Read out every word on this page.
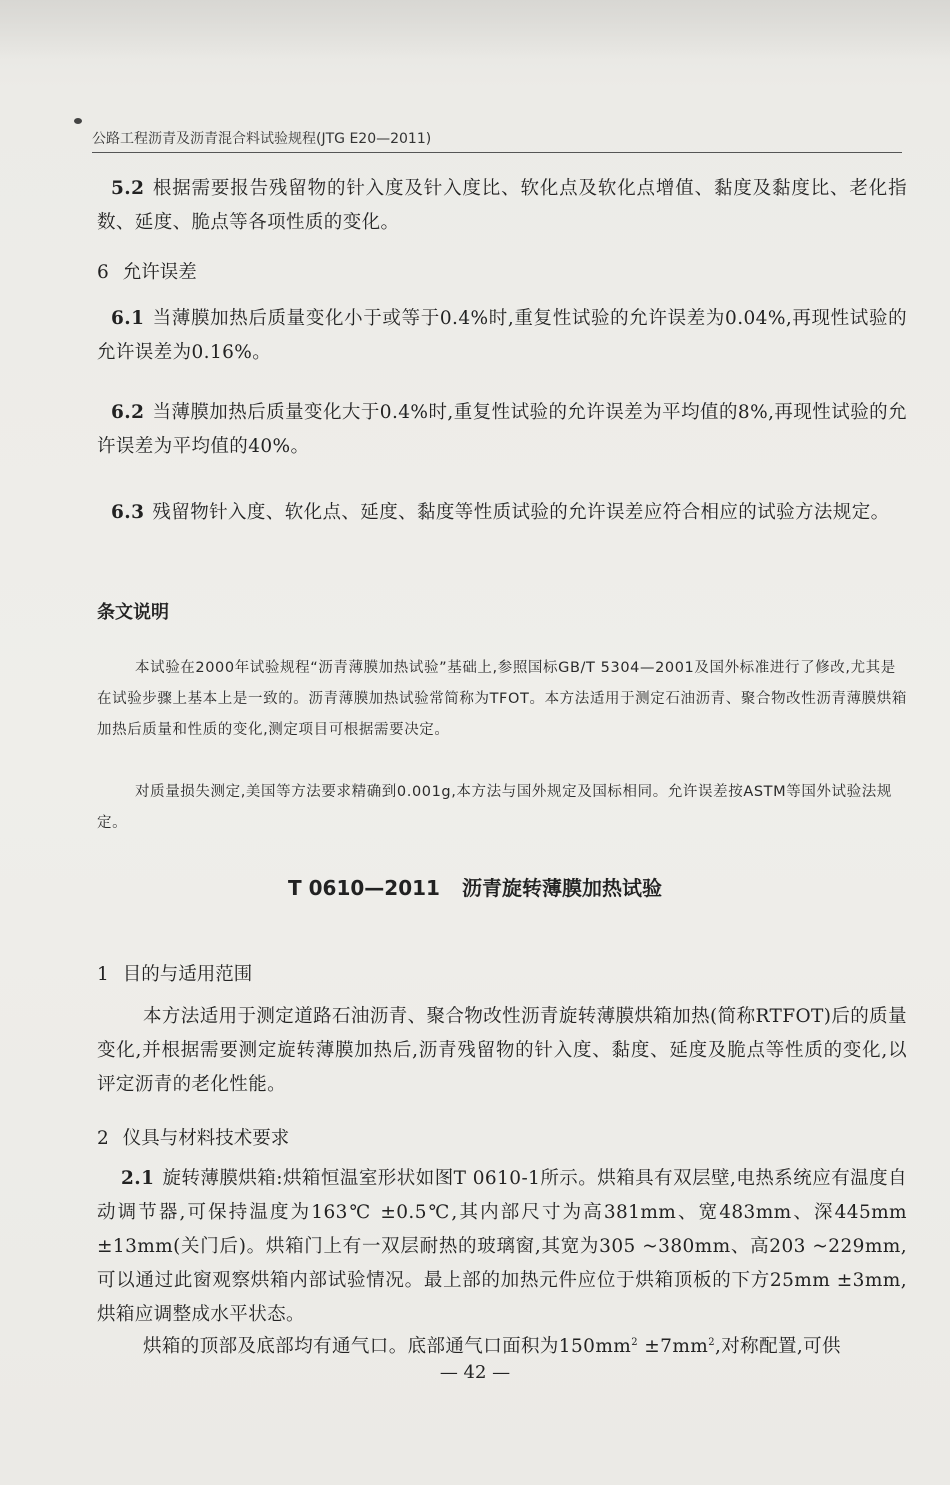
公路工程沥青及沥青混合料试验规程(JTG E20—2011)
5.2 根据需要报告残留物的针入度及针入度比、软化点及软化点增值、黏度及黏度比、老化指数、延度、脆点等各项性质的变化。
6 允许误差
6.1 当薄膜加热后质量变化小于或等于0.4%时,重复性试验的允许误差为0.04%,再现性试验的允许误差为0.16%。
6.2 当薄膜加热后质量变化大于0.4%时,重复性试验的允许误差为平均值的8%,再现性试验的允许误差为平均值的40%。
6.3 残留物针入度、软化点、延度、黏度等性质试验的允许误差应符合相应的试验方法规定。
条文说明
本试验在2000年试验规程“沥青薄膜加热试验”基础上,参照国标GB/T 5304—2001及国外标准进行了修改,尤其是在试验步骤上基本上是一致的。沥青薄膜加热试验常简称为TFOT。本方法适用于测定石油沥青、聚合物改性沥青薄膜烘箱加热后质量和性质的变化,测定项目可根据需要决定。
对质量损失测定,美国等方法要求精确到0.001g,本方法与国外规定及国标相同。允许误差按ASTM等国外试验法规定。
T 0610—2011 沥青旋转薄膜加热试验
1 目的与适用范围
本方法适用于测定道路石油沥青、聚合物改性沥青旋转薄膜烘箱加热(简称RTFOT)后的质量变化,并根据需要测定旋转薄膜加热后,沥青残留物的针入度、黏度、延度及脆点等性质的变化,以评定沥青的老化性能。
2 仪具与材料技术要求
2.1 旋转薄膜烘箱:烘箱恒温室形状如图T 0610-1所示。烘箱具有双层壁,电热系统应有温度自动调节器,可保持温度为163℃ ±0.5℃,其内部尺寸为高381mm、宽483mm、深445mm ±13mm(关门后)。烘箱门上有一双层耐热的玻璃窗,其宽为305 ~380mm、高203 ~229mm,可以通过此窗观察烘箱内部试验情况。最上部的加热元件应位于烘箱顶板的下方25mm ±3mm,烘箱应调整成水平状态。
烘箱的顶部及底部均有通气口。底部通气口面积为$150mm^2 \pm 7mm^2$,对称配置,可供
— 42 —
